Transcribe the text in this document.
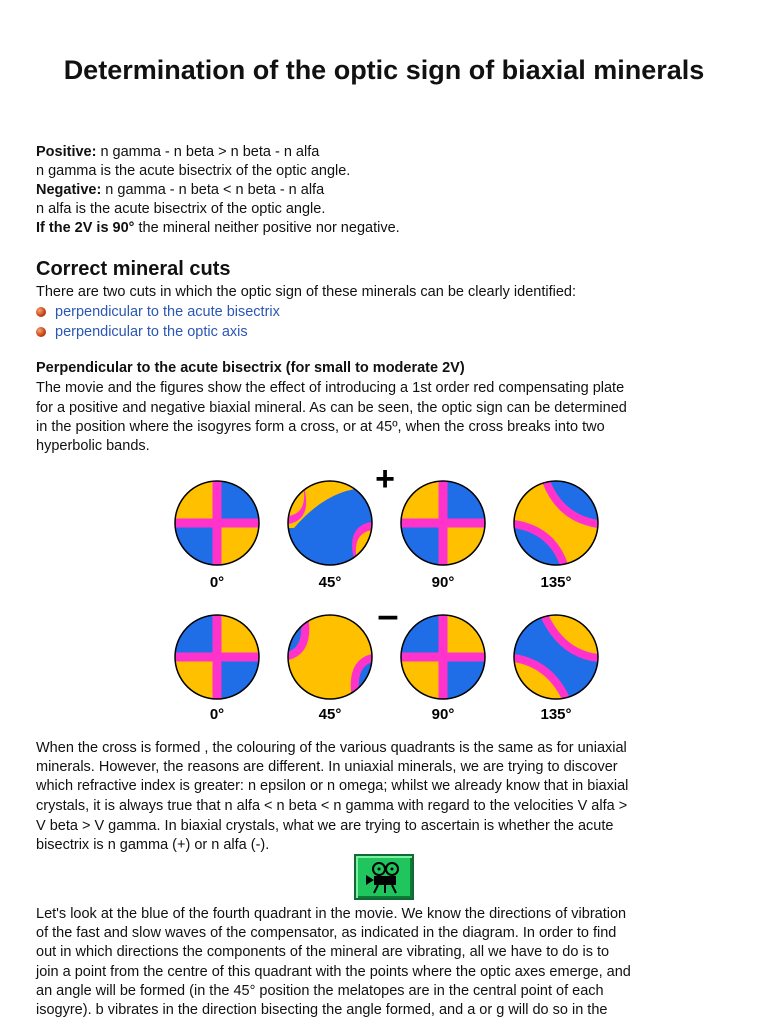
Determination of the optic sign of biaxial minerals

Positive: n gamma - n beta > n beta - n alfa

n gamma is the acute bisectrix of the optic angle.

Negative: n gamma - n beta < n beta - n alfa

n alfa is the acute bisectrix of the optic angle.

If the 2V is 90° the mineral neither positive nor negative.

Correct mineral cuts

There are two cuts in which the optic sign of these minerals can be clearly identified:

perpendicular to the acute bisectrix
perpendicular to the optic axis

Perpendicular to the acute bisectrix (for small to moderate 2V)

The movie and the figures show the effect of introducing a 1st order red compensating plate

for a positive and negative biaxial mineral. As can be seen, the optic sign can be determined

in the position where the isogyres form a cross, or at 45º, when the cross breaks into two

hyperbolic bands.

+
–
0°	45°	90°	135°
0°	45°	90°	135°

When the cross is formed , the colouring of the various quadrants is the same as for uniaxial

minerals. However, the reasons are different. In uniaxial minerals, we are trying to discover

which refractive index is greater: n epsilon or n omega; whilst we already know that in biaxial

crystals, it is always true that n alfa < n beta < n gamma with regard to the velocities V alfa >

V beta > V gamma. In biaxial crystals, what we are trying to ascertain is whether the acute

bisectrix is n gamma (+) or n alfa (-).

Let's look at the blue of the fourth quadrant in the movie. We know the directions of vibration

of the fast and slow waves of the compensator, as indicated in the diagram. In order to find

out in which directions the components of the mineral are vibrating, all we have to do is to

join a point from the centre of this quadrant with the points where the optic axes emerge, and

an angle will be formed (in the 45° position the melatopes are in the central point of each

isogyre). b vibrates in the direction bisecting the angle formed, and a or g will do so in the
